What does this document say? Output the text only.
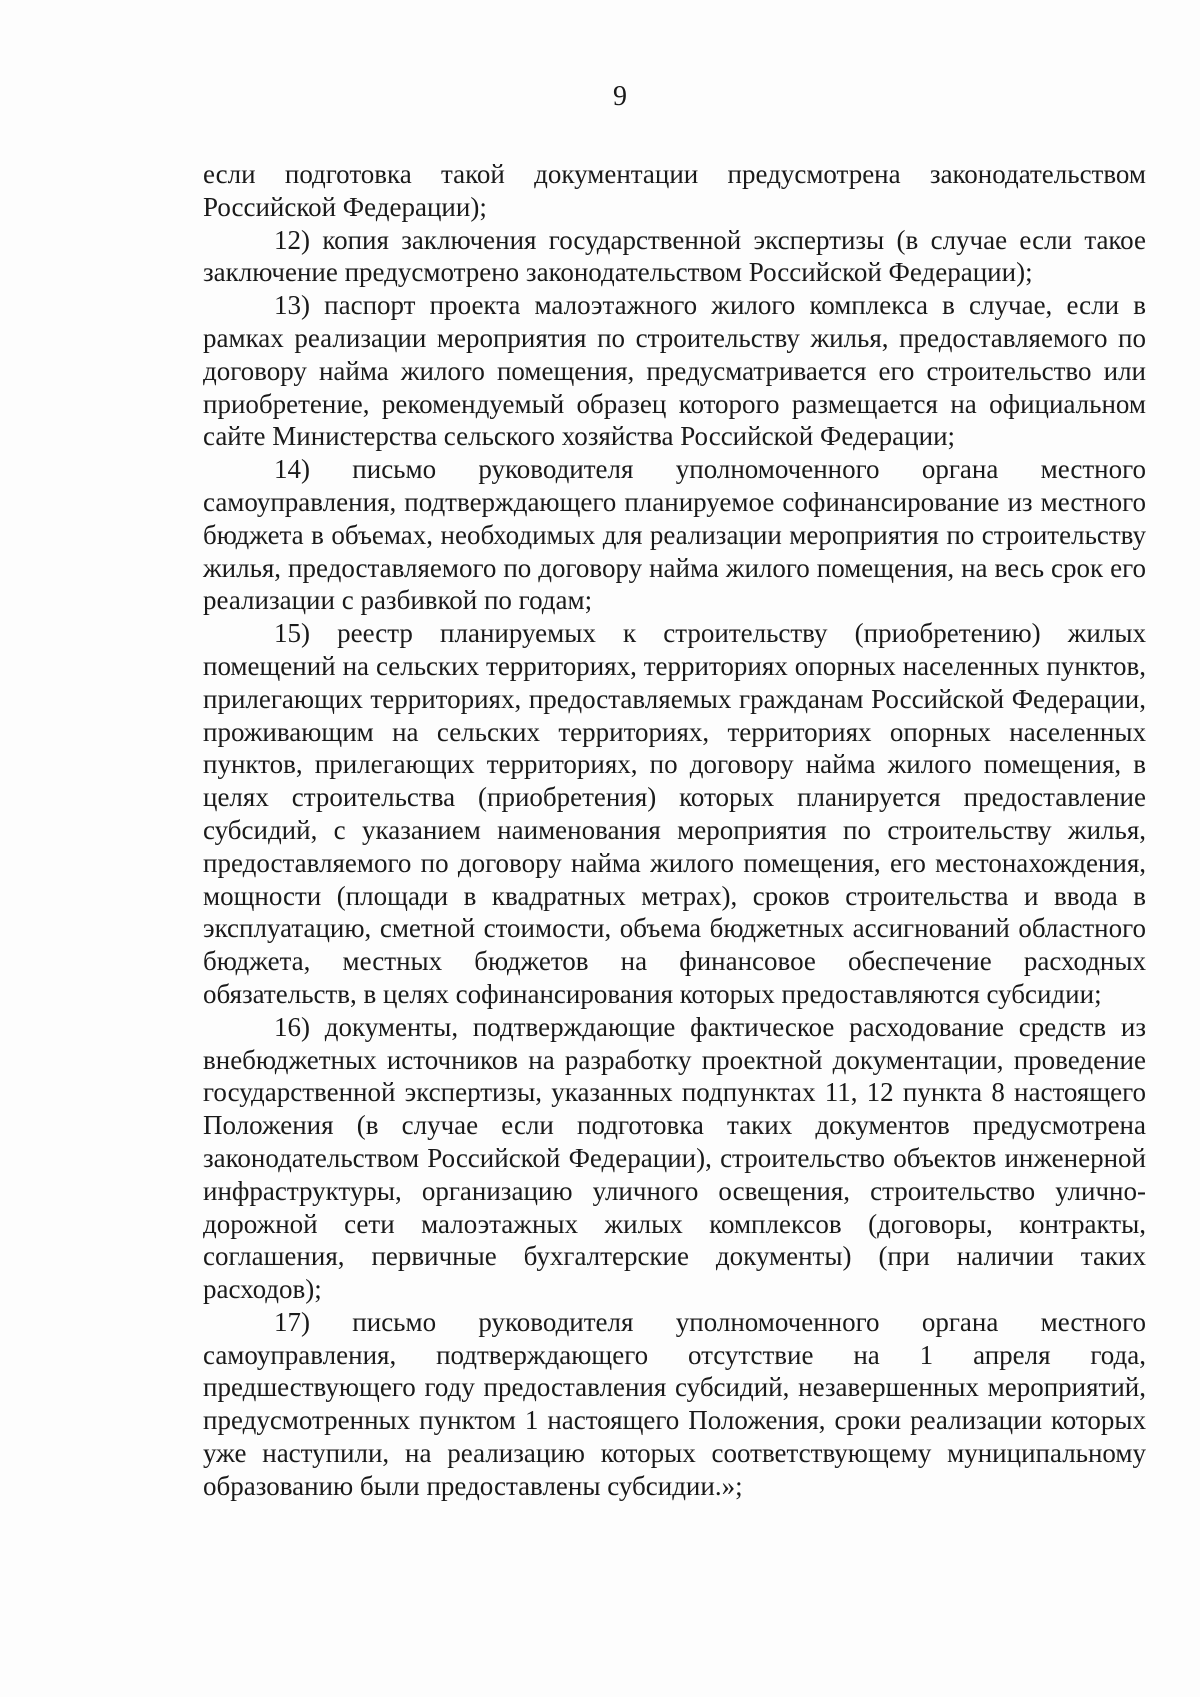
9

если подготовка такой документации предусмотрена законодательством Российской Федерации);

12) копия заключения государственной экспертизы (в случае если такое заключение предусмотрено законодательством Российской Федерации);

13) паспорт проекта малоэтажного жилого комплекса в случае, если в рамках реализации мероприятия по строительству жилья, предоставляемого по договору найма жилого помещения, предусматривается его строительство или приобретение, рекомендуемый образец которого размещается на официальном сайте Министерства сельского хозяйства Российской Федерации;

14) письмо руководителя уполномоченного органа местного самоуправления, подтверждающего планируемое софинансирование из местного бюджета в объемах, необходимых для реализации мероприятия по строительству жилья, предоставляемого по договору найма жилого помещения, на весь срок его реализации с разбивкой по годам;

15) реестр планируемых к строительству (приобретению) жилых помещений на сельских территориях, территориях опорных населенных пунктов, прилегающих территориях, предоставляемых гражданам Российской Федерации, проживающим на сельских территориях, территориях опорных населенных пунктов, прилегающих территориях, по договору найма жилого помещения, в целях строительства (приобретения) которых планируется предоставление субсидий, с указанием наименования мероприятия по строительству жилья, предоставляемого по договору найма жилого помещения, его местонахождения, мощности (площади в квадратных метрах), сроков строительства и ввода в эксплуатацию, сметной стоимости, объема бюджетных ассигнований областного бюджета, местных бюджетов на финансовое обеспечение расходных обязательств, в целях софинансирования которых предоставляются субсидии;

16) документы, подтверждающие фактическое расходование средств из внебюджетных источников на разработку проектной документации, проведение государственной экспертизы, указанных подпунктах 11, 12 пункта 8 настоящего Положения (в случае если подготовка таких документов предусмотрена законодательством Российской Федерации), строительство объектов инженерной инфраструктуры, организацию уличного освещения, строительство улично-дорожной сети малоэтажных жилых комплексов (договоры, контракты, соглашения, первичные бухгалтерские документы) (при наличии таких расходов);

17) письмо руководителя уполномоченного органа местного самоуправления, подтверждающего отсутствие на 1 апреля года, предшествующего году предоставления субсидий, незавершенных мероприятий, предусмотренных пунктом 1 настоящего Положения, сроки реализации которых уже наступили, на реализацию которых соответствующему муниципальному образованию были предоставлены субсидии.»;
